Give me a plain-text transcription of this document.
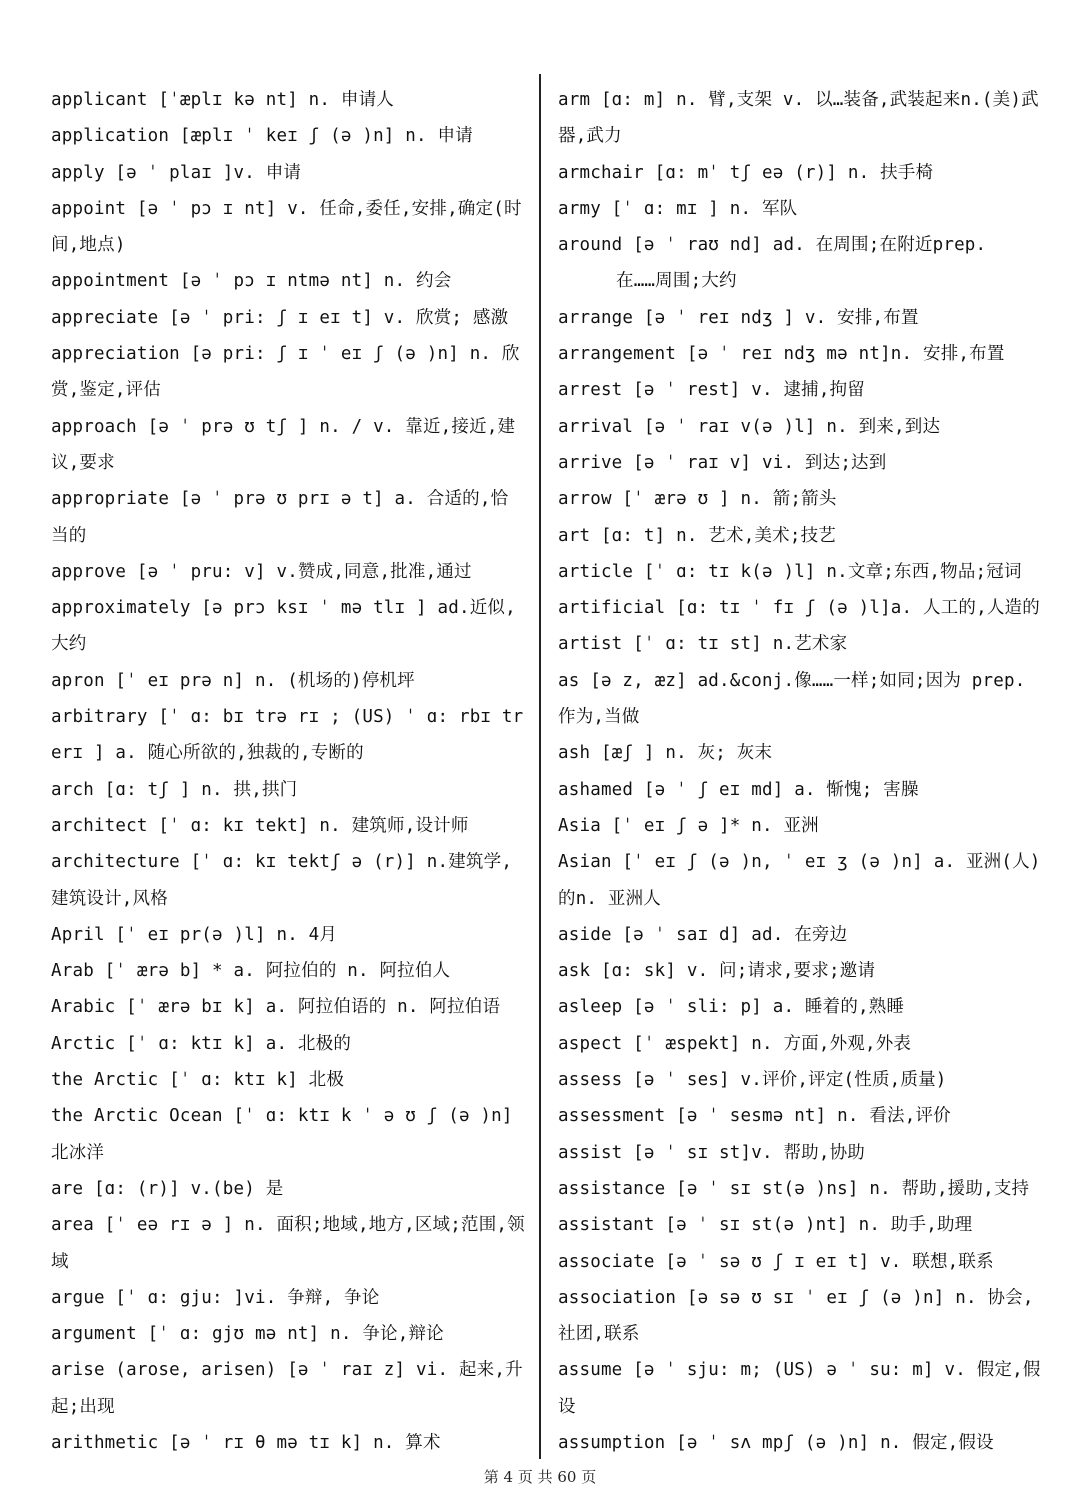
applicant [ˈæplɪ kə nt] n. 申请人
application [æplɪ ˈ keɪ ʃ (ə )n] n. 申请
apply [ə ˈ plaɪ ]v. 申请
appoint [ə ˈ pɔ ɪ nt] v. 任命,委任,安排,确定(时间,地点)
appointment [ə ˈ pɔ ɪ ntmə nt] n. 约会
appreciate [ə ˈ pri: ʃ ɪ eɪ t] v. 欣赏; 感激
appreciation [ə pri: ʃ ɪ ˈ eɪ ʃ (ə )n] n. 欣赏,鉴定,评估
approach [ə ˈ prə ʊ tʃ ] n. / v. 靠近,接近,建议,要求
appropriate [ə ˈ prə ʊ prɪ ə t] a. 合适的,恰当的
approve [ə ˈ pru: v] v.赞成,同意,批准,通过
approximately [ə prɔ ksɪ ˈ mə tlɪ ] ad.近似,大约
apron [ˈ eɪ prə n] n. (机场的)停机坪
arbitrary [ˈ ɑ: bɪ trə rɪ ; (US) ˈ ɑ: rbɪ trerɪ ] a. 随心所欲的,独裁的,专断的
arch [ɑ: tʃ ] n. 拱,拱门
architect [ˈ ɑ: kɪ tekt] n. 建筑师,设计师
architecture [ˈ ɑ: kɪ tektʃ ə (r)] n.建筑学,建筑设计,风格
April [ˈ eɪ pr(ə )l] n. 4月
Arab [ˈ ærə b] * a. 阿拉伯的 n. 阿拉伯人
Arabic [ˈ ærə bɪ k] a. 阿拉伯语的 n. 阿拉伯语
Arctic [ˈ ɑ: ktɪ k] a. 北极的
the Arctic [ˈ ɑ: ktɪ k] 北极
the Arctic Ocean [ˈ ɑ: ktɪ k ˈ ə ʊ ʃ (ə )n] 北冰洋
are [ɑ: (r)] v.(be) 是
area [ˈ eə rɪ ə ] n. 面积;地域,地方,区域;范围,领域
argue [ˈ ɑ: gju: ]vi. 争辩, 争论
argument [ˈ ɑ: gjʊ mə nt] n. 争论,辩论
arise (arose, arisen) [ə ˈ raɪ z] vi. 起来,升起;出现
arithmetic [ə ˈ rɪ θ mə tɪ k] n. 算术
arm [ɑ: m] n. 臂,支架 v. 以…装备,武装起来n.(美)武器,武力
armchair [ɑ: mˈ tʃ eə (r)] n. 扶手椅
army [ˈ ɑ: mɪ ] n. 军队
around [ə ˈ raʊ nd] ad. 在周围;在附近prep.
在……周围;大约
arrange [ə ˈ reɪ ndʒ ] v. 安排,布置
arrangement [ə ˈ reɪ ndʒ mə nt]n. 安排,布置
arrest [ə ˈ rest] v. 逮捕,拘留
arrival [ə ˈ raɪ v(ə )l] n. 到来,到达
arrive [ə ˈ raɪ v] vi. 到达;达到
arrow [ˈ ærə ʊ ] n. 箭;箭头
art [ɑ: t] n. 艺术,美术;技艺
article [ˈ ɑ: tɪ k(ə )l] n.文章;东西,物品;冠词
artificial [ɑ: tɪ ˈ fɪ ʃ (ə )l]a. 人工的,人造的
artist [ˈ ɑ: tɪ st] n.艺术家
as [ə z, æz] ad.&conj.像……一样;如同;因为 prep.作为,当做
ash [æʃ ] n. 灰; 灰末
ashamed [ə ˈ ʃ eɪ md] a. 惭愧; 害臊
Asia [ˈ eɪ ʃ ə ]* n. 亚洲
Asian [ˈ eɪ ʃ (ə )n, ˈ eɪ ʒ (ə )n] a. 亚洲(人)的n. 亚洲人
aside [ə ˈ saɪ d] ad. 在旁边
ask [ɑ: sk] v. 问;请求,要求;邀请
asleep [ə ˈ sli: p] a. 睡着的,熟睡
aspect [ˈ æspekt] n. 方面,外观,外表
assess [ə ˈ ses] v.评价,评定(性质,质量)
assessment [ə ˈ sesmə nt] n. 看法,评价
assist [ə ˈ sɪ st]v. 帮助,协助
assistance [ə ˈ sɪ st(ə )ns] n. 帮助,援助,支持
assistant [ə ˈ sɪ st(ə )nt] n. 助手,助理
associate [ə ˈ sə ʊ ʃ ɪ eɪ t] v. 联想,联系
association [ə sə ʊ sɪ ˈ eɪ ʃ (ə )n] n. 协会,社团,联系
assume [ə ˈ sju: m; (US) ə ˈ su: m] v. 假定,假设
assumption [ə ˈ sʌ mpʃ (ə )n] n. 假定,假设
第 4 页 共 60 页
